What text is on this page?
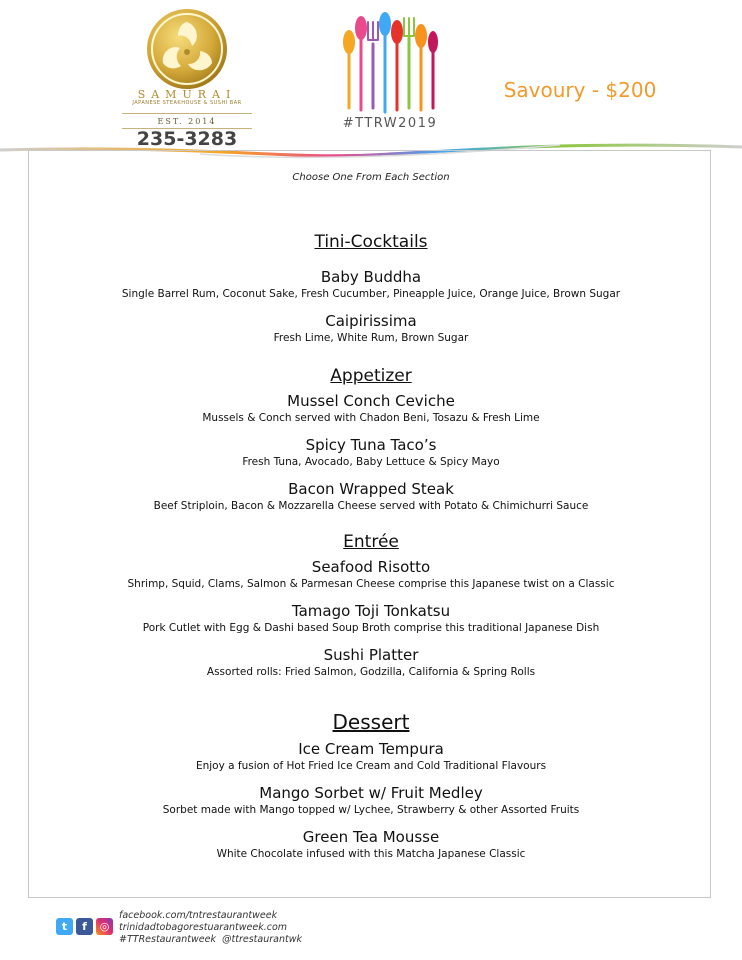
SAMURAI
JAPANESE STEAKHOUSE & SUSHI BAR
EST. 2014
235-3283
#TTRW2019
Savoury - $200
Choose One From Each Section

Tini-Cocktails

Baby Buddha

Single Barrel Rum, Coconut Sake, Fresh Cucumber, Pineapple Juice, Orange Juice, Brown Sugar

Caipirissima

Fresh Lime, White Rum, Brown Sugar

Appetizer

Mussel Conch Ceviche

Mussels & Conch served with Chadon Beni, Tosazu & Fresh Lime

Spicy Tuna Taco’s

Fresh Tuna, Avocado, Baby Lettuce & Spicy Mayo

Bacon Wrapped Steak

Beef Striploin, Bacon & Mozzarella Cheese served with Potato & Chimichurri Sauce

Entrée

Seafood Risotto

Shrimp, Squid, Clams, Salmon & Parmesan Cheese comprise this Japanese twist on a Classic

Tamago Toji Tonkatsu

Pork Cutlet with Egg & Dashi based Soup Broth comprise this traditional Japanese Dish

Sushi Platter

Assorted rolls: Fried Salmon, Godzilla, California & Spring Rolls

Dessert

Ice Cream Tempura

Enjoy a fusion of Hot Fried Ice Cream and Cold Traditional Flavours

Mango Sorbet w/ Fruit Medley

Sorbet made with Mango topped w/ Lychee, Strawberry & other Assorted Fruits

Green Tea Mousse

White Chocolate infused with this Matcha Japanese Classic

t	f	◎
facebook.com/tntrestaurantweek
trinidadtobagorestuarantweek.com
#TTRestaurantweek  @ttrestaurantwk
